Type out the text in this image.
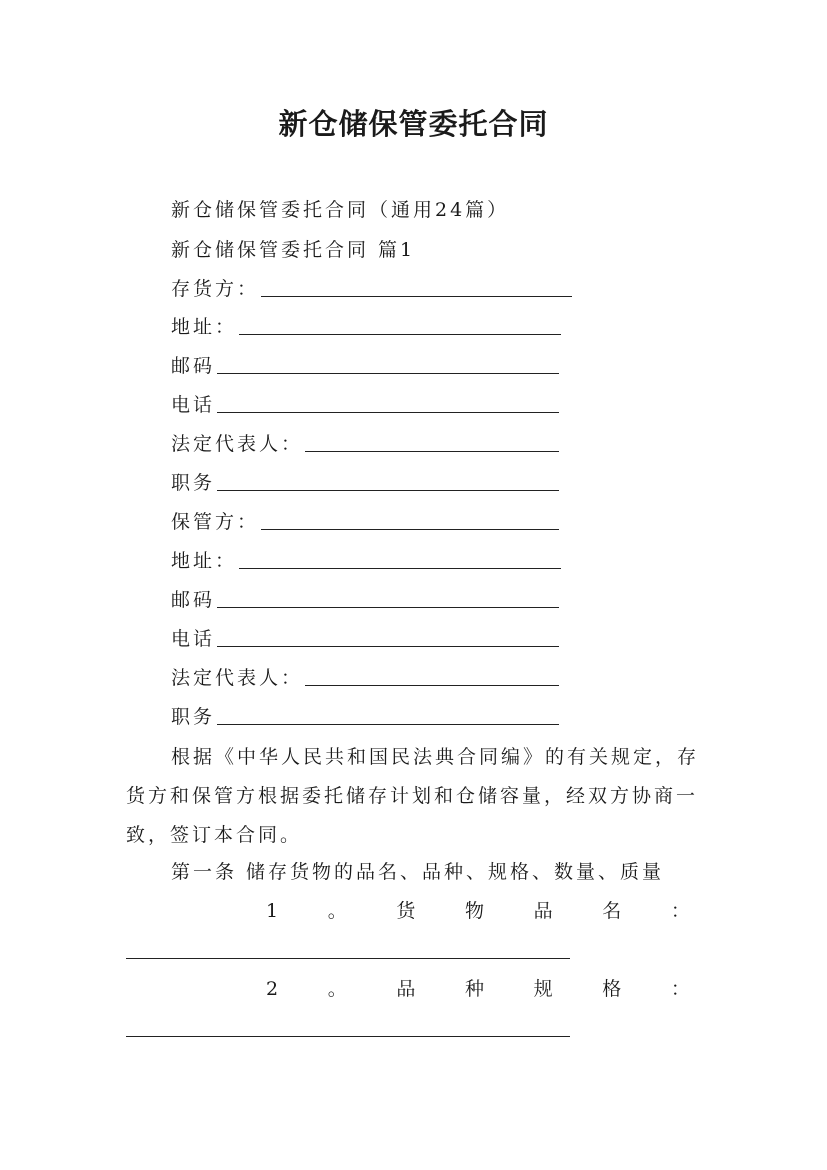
新仓储保管委托合同
新仓储保管委托合同（通用24篇）
新仓储保管委托合同 篇1
存货方：
地址：
邮码
电话
法定代表人：
职务
保管方：
地址：
邮码
电话
法定代表人：
职务
根据《中华人民共和国民法典合同编》的有关规定，存货方和保管方根据委托储存计划和仓储容量，经双方协商一致，签订本合同。
第一条 储存货物的品名、品种、规格、数量、质量
1	。	货	物	品	名	：
2	。	品	种	规	格	：
